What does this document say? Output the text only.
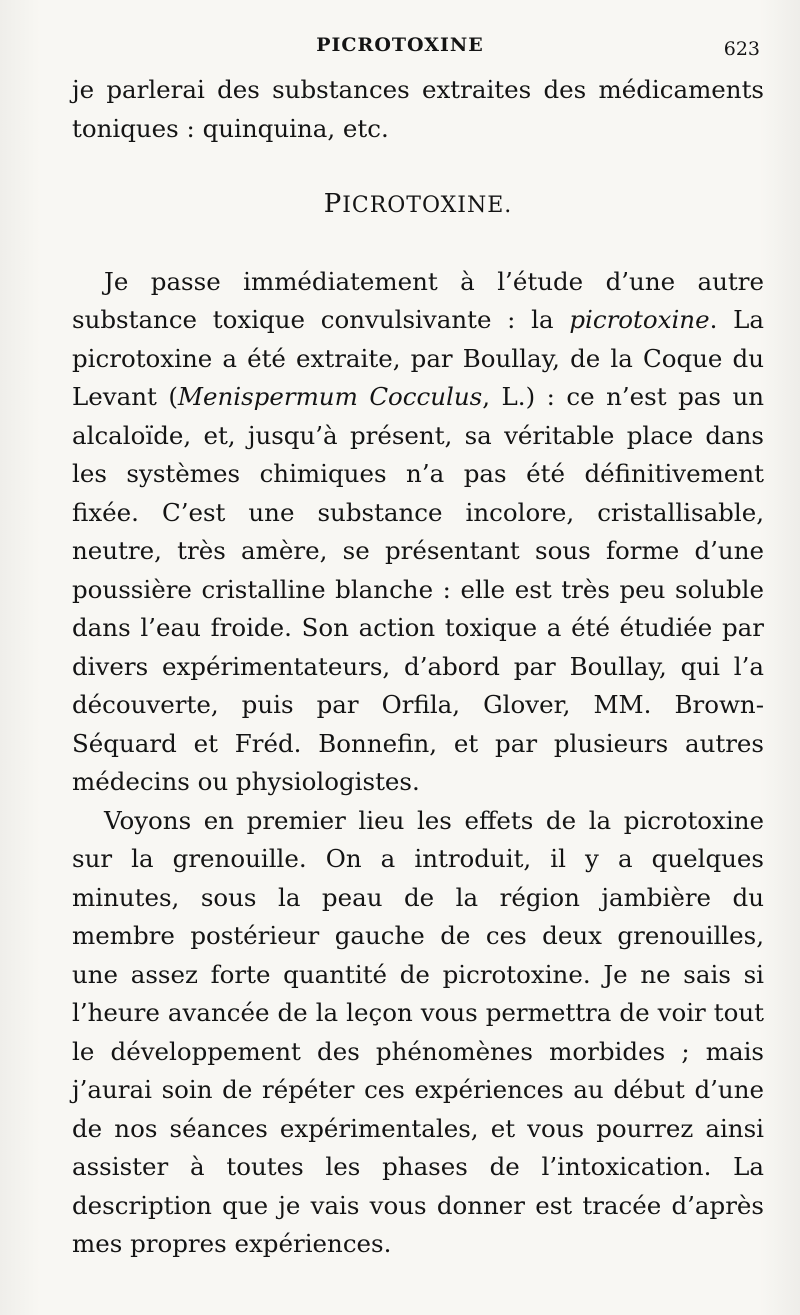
PICROTOXINE	623

je parlerai des substances extraites des médicaments toniques : quinquina, etc.

PICROTOXINE.

Je passe immédiatement à l’étude d’une autre substance toxique convulsivante : la picrotoxine. La picrotoxine a été extraite, par Boullay, de la Coque du Levant (Menispermum Cocculus, L.) : ce n’est pas un alcaloïde, et, jusqu’à présent, sa véritable place dans les systèmes chimiques n’a pas été définitivement fixée. C’est une substance incolore, cristallisable, neutre, très amère, se présentant sous forme d’une poussière cristalline blanche : elle est très peu soluble dans l’eau froide. Son action toxique a été étudiée par divers expérimentateurs, d’abord par Boullay, qui l’a découverte, puis par Orfila, Glover, MM. Brown-Séquard et Fréd. Bonnefin, et par plusieurs autres médecins ou physiologistes.

Voyons en premier lieu les effets de la picrotoxine sur la grenouille. On a introduit, il y a quelques minutes, sous la peau de la région jambière du membre postérieur gauche de ces deux grenouilles, une assez forte quantité de picrotoxine. Je ne sais si l’heure avancée de la leçon vous permettra de voir tout le développement des phénomènes morbides ; mais j’aurai soin de répéter ces expériences au début d’une de nos séances expérimentales, et vous pourrez ainsi assister à toutes les phases de l’intoxication. La description que je vais vous donner est tracée d’après mes propres expériences.
